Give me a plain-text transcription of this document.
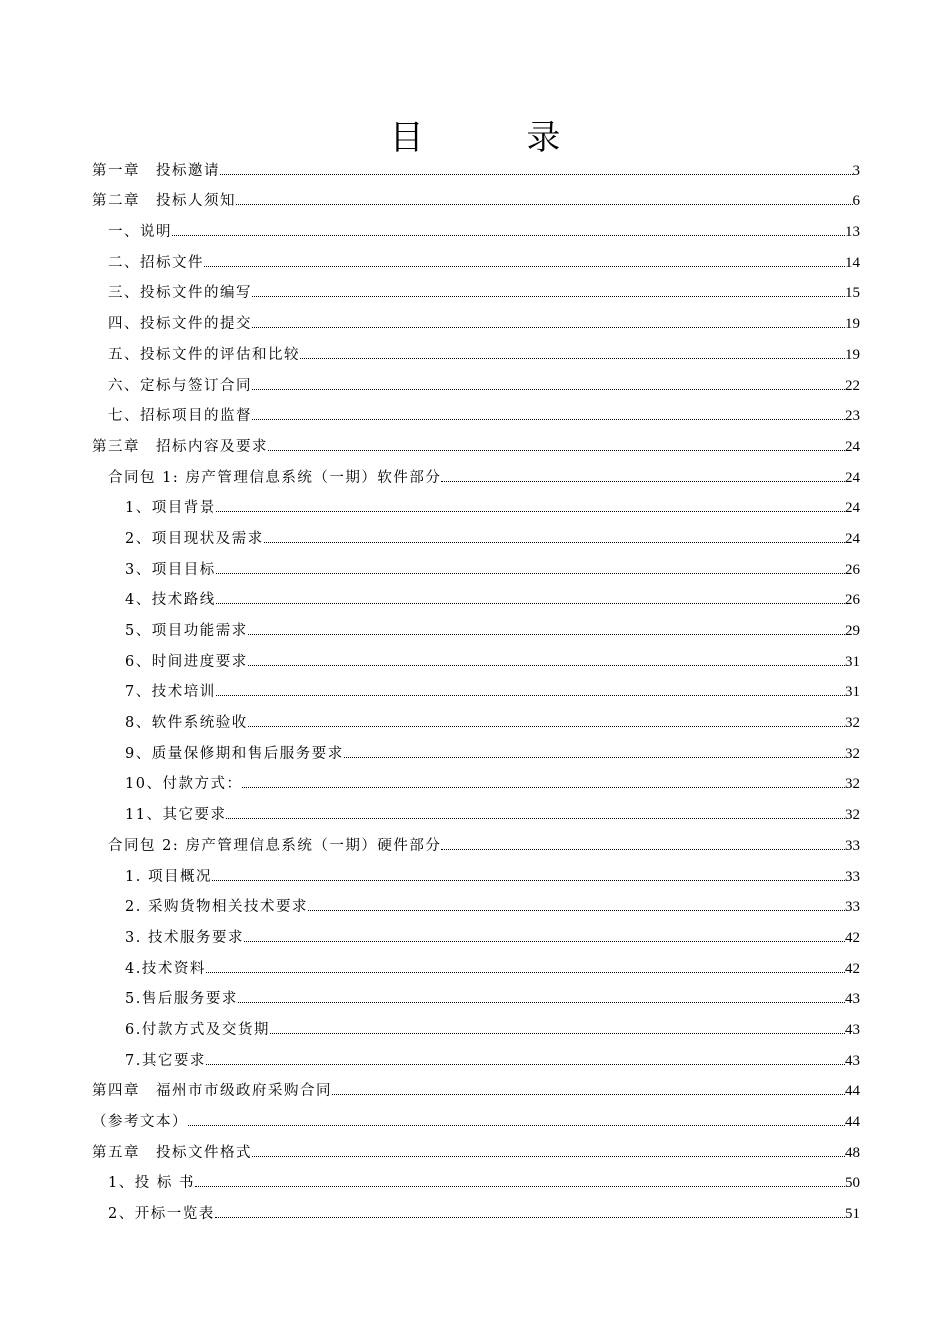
目 录
第一章　投标邀请	3
第二章　投标人须知	6
一、说明	13
二、招标文件	14
三、投标文件的编写	15
四、投标文件的提交	19
五、投标文件的评估和比较	19
六、定标与签订合同	22
七、招标项目的监督	23
第三章　招标内容及要求	24
合同包 1: 房产管理信息系统（一期）软件部分	24
1、项目背景	24
2、项目现状及需求	24
3、项目目标	26
4、技术路线	26
5、项目功能需求	29
6、时间进度要求	31
7、技术培训	31
8、软件系统验收	32
9、质量保修期和售后服务要求	32
10、付款方式：	32
11、其它要求	32
合同包 2: 房产管理信息系统（一期）硬件部分	33
1. 项目概况	33
2. 采购货物相关技术要求	33
3. 技术服务要求	42
4.技术资料	42
5.售后服务要求	43
6.付款方式及交货期	43
7.其它要求	43
第四章　福州市市级政府采购合同	44
（参考文本）	44
第五章　投标文件格式	48
1、投 标 书	50
2、开标一览表	51
